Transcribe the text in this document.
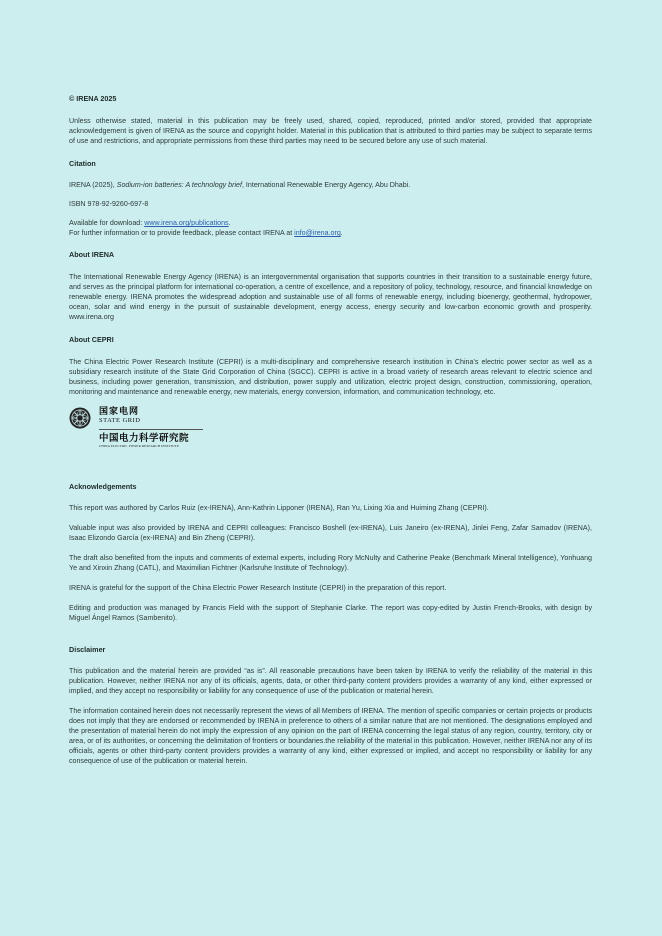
© IRENA 2025

Unless otherwise stated, material in this publication may be freely used, shared, copied, reproduced, printed and/or stored, provided that appropriate acknowledgement is given of IRENA as the source and copyright holder. Material in this publication that is attributed to third parties may be subject to separate terms of use and restrictions, and appropriate permissions from these third parties may need to be secured before any use of such material.

Citation

IRENA (2025), Sodium-ion batteries: A technology brief, International Renewable Energy Agency, Abu Dhabi.

ISBN 978-92-9260-697-8

Available for download: www.irena.org/publications.

For further information or to provide feedback, please contact IRENA at info@irena.org.

About IRENA

The International Renewable Energy Agency (IRENA) is an intergovernmental organisation that supports countries in their transition to a sustainable energy future, and serves as the principal platform for international co-operation, a centre of excellence, and a repository of policy, technology, resource, and financial knowledge on renewable energy. IRENA promotes the widespread adoption and sustainable use of all forms of renewable energy, including bioenergy, geothermal, hydropower, ocean, solar and wind energy in the pursuit of sustainable development, energy access, energy security and low-carbon economic growth and prosperity. www.irena.org

About CEPRI

The China Electric Power Research Institute (CEPRI) is a multi-disciplinary and comprehensive research institution in China’s electric power sector as well as a subsidiary research institute of the State Grid Corporation of China (SGCC). CEPRI is active in a broad variety of research areas relevant to electric science and business, including power generation, transmission, and distribution, power supply and utilization, electric project design, construction, commissioning, operation, monitoring and maintenance and renewable energy, new materials, energy conversion, information, and communication technology, etc.

国家电网
STATE GRID
中国电力科学研究院
CHINA ELECTRIC POWER RESEARCH INSTITUTE
Acknowledgements

This report was authored by Carlos Ruiz (ex-IRENA), Ann-Kathrin Lipponer (IRENA), Ran Yu, Lixing Xia and Huiming Zhang (CEPRI).

Valuable input was also provided by IRENA and CEPRI colleagues: Francisco Boshell (ex-IRENA), Luis Janeiro (ex-IRENA), Jinlei Feng, Zafar Samadov (IRENA), Isaac Elizondo García (ex-IRENA) and Bin Zheng (CEPRI).

The draft also benefited from the inputs and comments of external experts, including Rory McNulty and Catherine Peake (Benchmark Mineral Intelligence), Yonhuang Ye and Xinxin Zhang (CATL), and Maximilian Fichtner (Karlsruhe Institute of Technology).

IRENA is grateful for the support of the China Electric Power Research Institute (CEPRI) in the preparation of this report.

Editing and production was managed by Francis Field with the support of Stephanie Clarke. The report was copy-edited by Justin French-Brooks, with design by Miguel Ángel Ramos (Sambenito).

Disclaimer

This publication and the material herein are provided “as is”. All reasonable precautions have been taken by IRENA to verify the reliability of the material in this publication. However, neither IRENA nor any of its officials, agents, data, or other third-party content providers provides a warranty of any kind, either expressed or implied, and they accept no responsibility or liability for any consequence of use of the publication or material herein.

The information contained herein does not necessarily represent the views of all Members of IRENA. The mention of specific companies or certain projects or products does not imply that they are endorsed or recommended by IRENA in preference to others of a similar nature that are not mentioned. The designations employed and the presentation of material herein do not imply the expression of any opinion on the part of IRENA concerning the legal status of any region, country, territory, city or area, or of its authorities, or concerning the delimitation of frontiers or boundaries.the reliability of the material in this publication. However, neither IRENA nor any of its officials, agents or other third-party content providers provides a warranty of any kind, either expressed or implied, and accept no responsibility or liability for any consequence of use of the publication or material herein.
